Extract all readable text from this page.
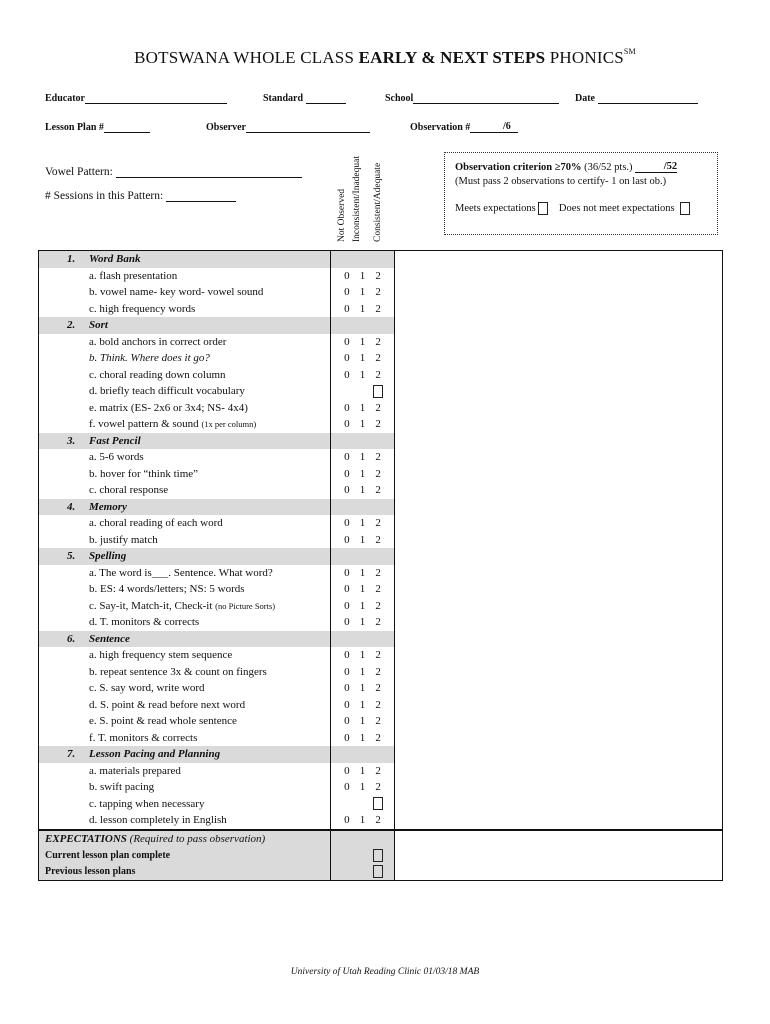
BOTSWANA WHOLE CLASS EARLY & NEXT STEPS PHONICS℠
Educator	Standard	School	Date
Lesson Plan #	Observer	Observation #	/6
Vowel Pattern:
# Sessions in this Pattern:	Not Observed Inconsistent/Inadequat Consistent/Adequate	Observation criterion ≥70% (36/52 pts.)	/52
(Must pass 2 observations to certify- 1 on last ob.)
Meets expectations Does not meet expectations
1. Word Bank		
a. flash presentation	0 1 2	

b. vowel name- key word- vowel sound	0 1 2	

c. high frequency words	0 1 2	

2. Sort		
a. bold anchors in correct order	0 1 2	

b. Think. Where does it go?	0 1 2	

c. choral reading down column	0 1 2	

d. briefly teach difficult vocabulary	

e. matrix (ES- 2x6 or 3x4; NS- 4x4)	0 1 2	

f. vowel pattern & sound (1x per column)	0 1 2	

3. Fast Pencil		
a. 5-6 words	0 1 2	

b. hover for “think time”	0 1 2	

c. choral response	0 1 2	

4. Memory		
a. choral reading of each word	0 1 2	

b. justify match	0 1 2	

5. Spelling		
a. The word is___. Sentence. What word?	0 1 2	

b. ES: 4 words/letters; NS: 5 words	0 1 2	

c. Say-it, Match-it, Check-it (no Picture Sorts)	0 1 2	

d. T. monitors & corrects	0 1 2	

6. Sentence		
a. high frequency stem sequence	0 1 2	

b. repeat sentence 3x & count on fingers	0 1 2	

c. S. say word, write word	0 1 2	

d. S. point & read before next word	0 1 2	

e. S. point & read whole sentence	0 1 2	

f. T. monitors & corrects	0 1 2	

7. Lesson Pacing and Planning		
a. materials prepared	0 1 2	

b. swift pacing	0 1 2	

c. tapping when necessary	

d. lesson completely in English	0 1 2	

EXPECTATIONS (Required to pass observation)		
Current lesson plan complete	

Previous lesson plans	

University of Utah Reading Clinic 01/03/18 MAB
